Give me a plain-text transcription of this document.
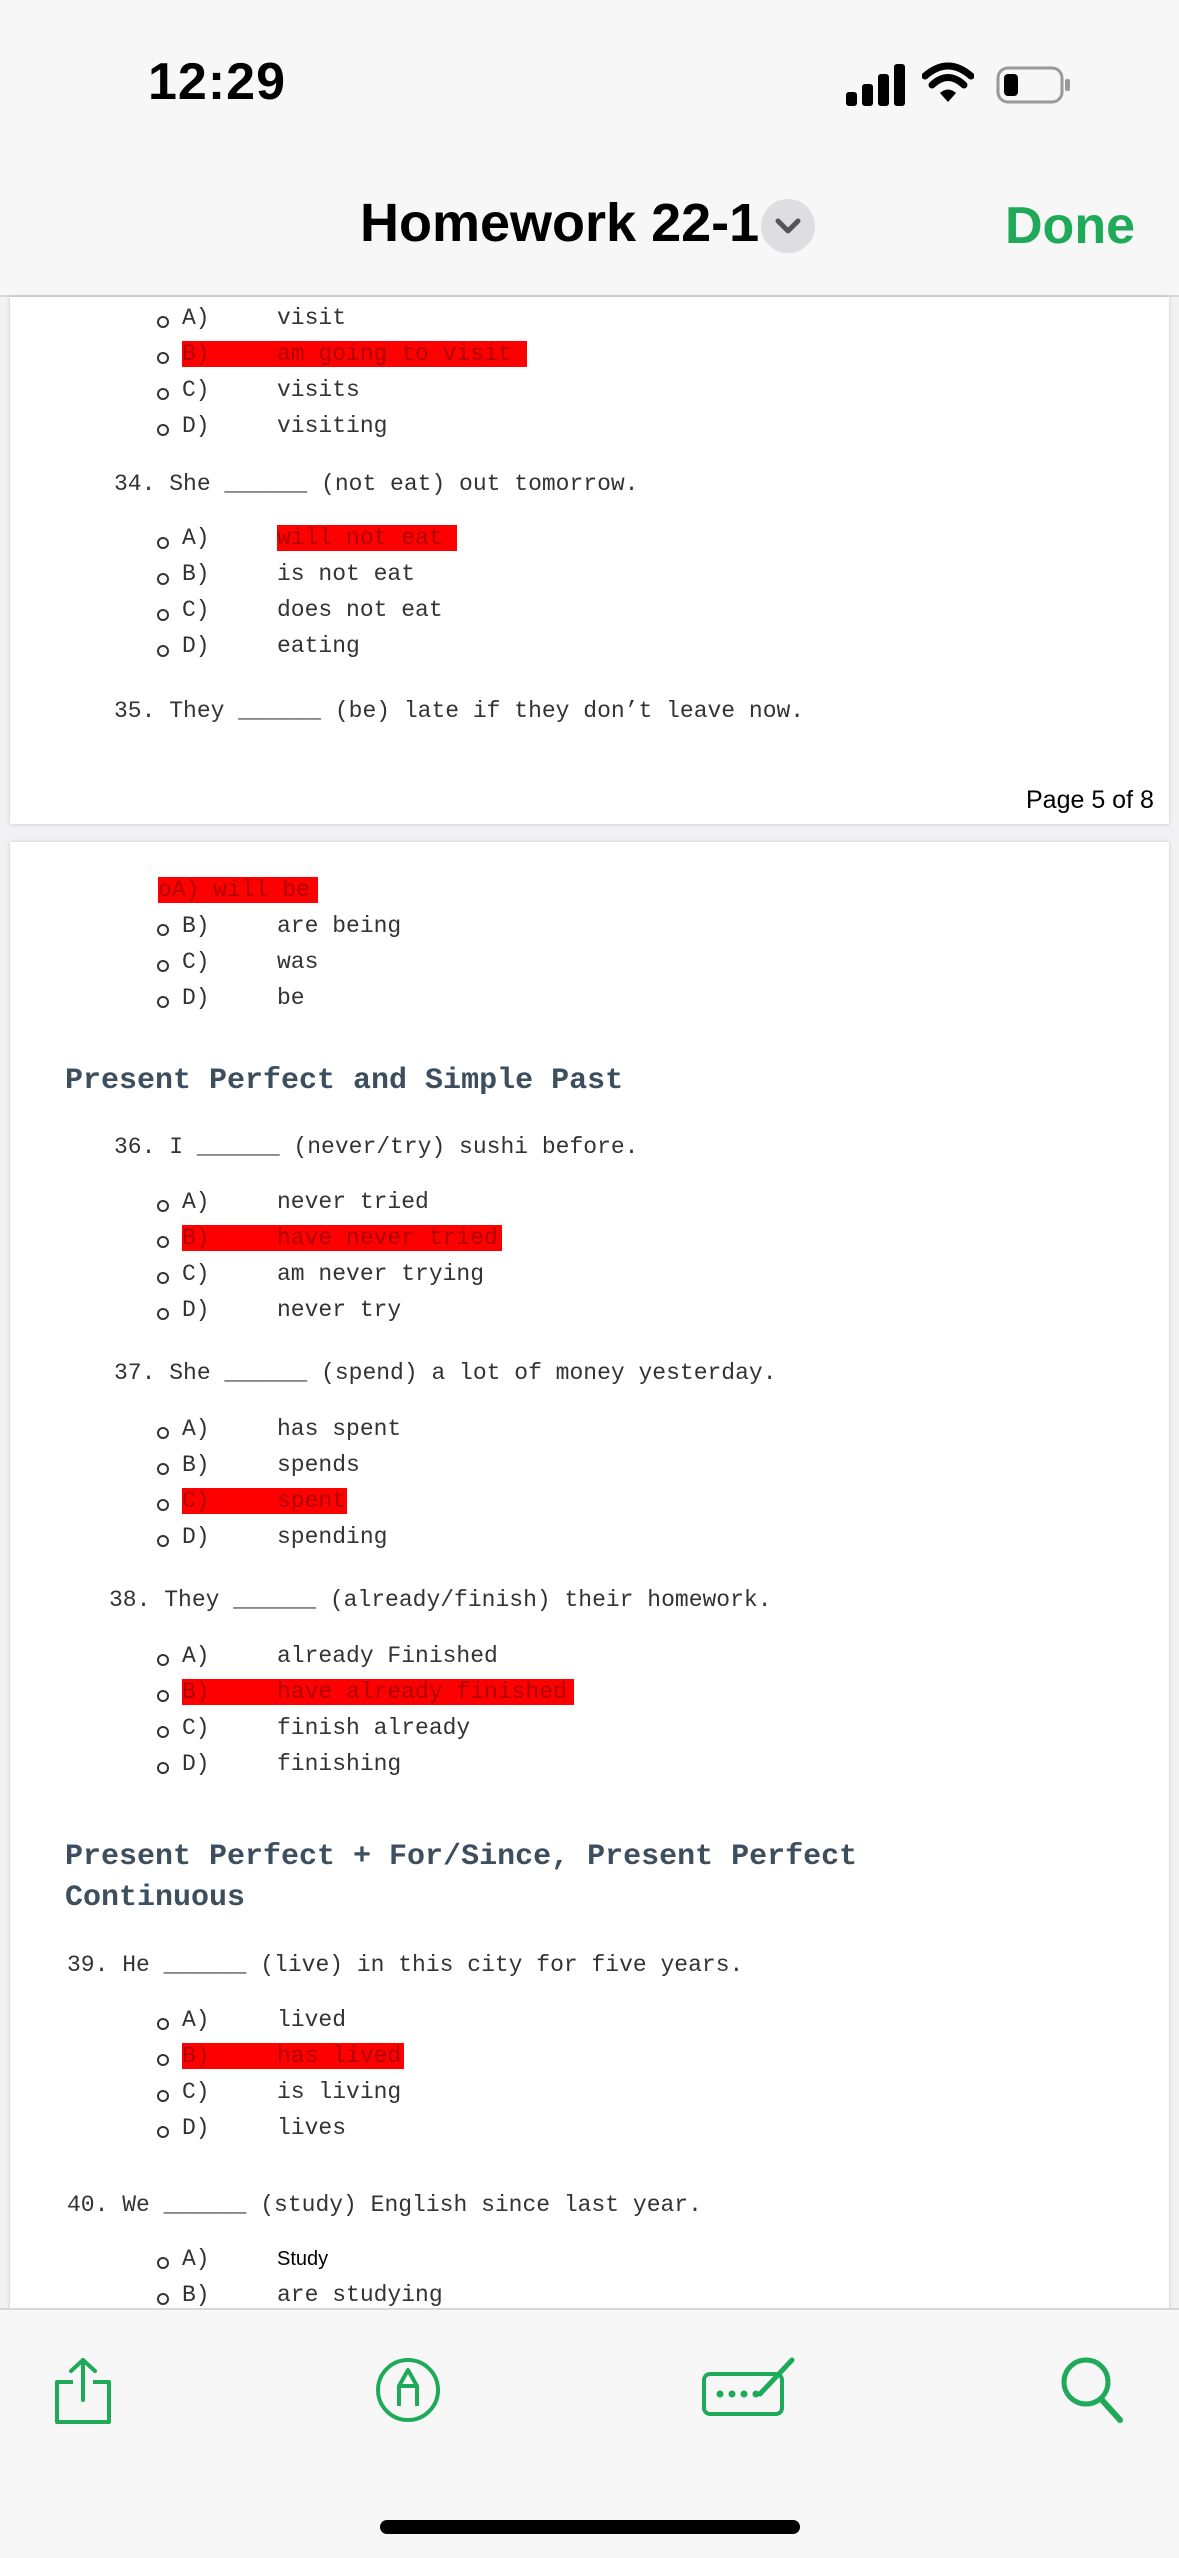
12:29
Homework 22-1	Done
A)	visit
B)	am going to visit
C)	visits
D)	visiting
34. She ______ (not eat) out tomorrow.
A)	will not eat
B)	is not eat
C)	does not eat
D)	eating
35. They ______ (be) late if they don’t leave now.
Page 5 of 8
oA) will be
B)	are being
C)	was
D)	be
Present Perfect and Simple Past
36. I ______ (never/try) sushi before.
A)	never tried
B)	have never tried
C)	am never trying
D)	never try
37. She ______ (spend) a lot of money yesterday.
A)	has spent
B)	spends
C)	spent
D)	spending
38. They ______ (already/finish) their homework.
A)	already Finished
B)	have already finished
C)	finish already
D)	finishing
Present Perfect + For/Since, Present Perfect
Continuous
39. He ______ (live) in this city for five years.
A)	lived
B)	has lived
C)	is living
D)	lives
40. We ______ (study) English since last year.
A)	Study
B)	are studying
